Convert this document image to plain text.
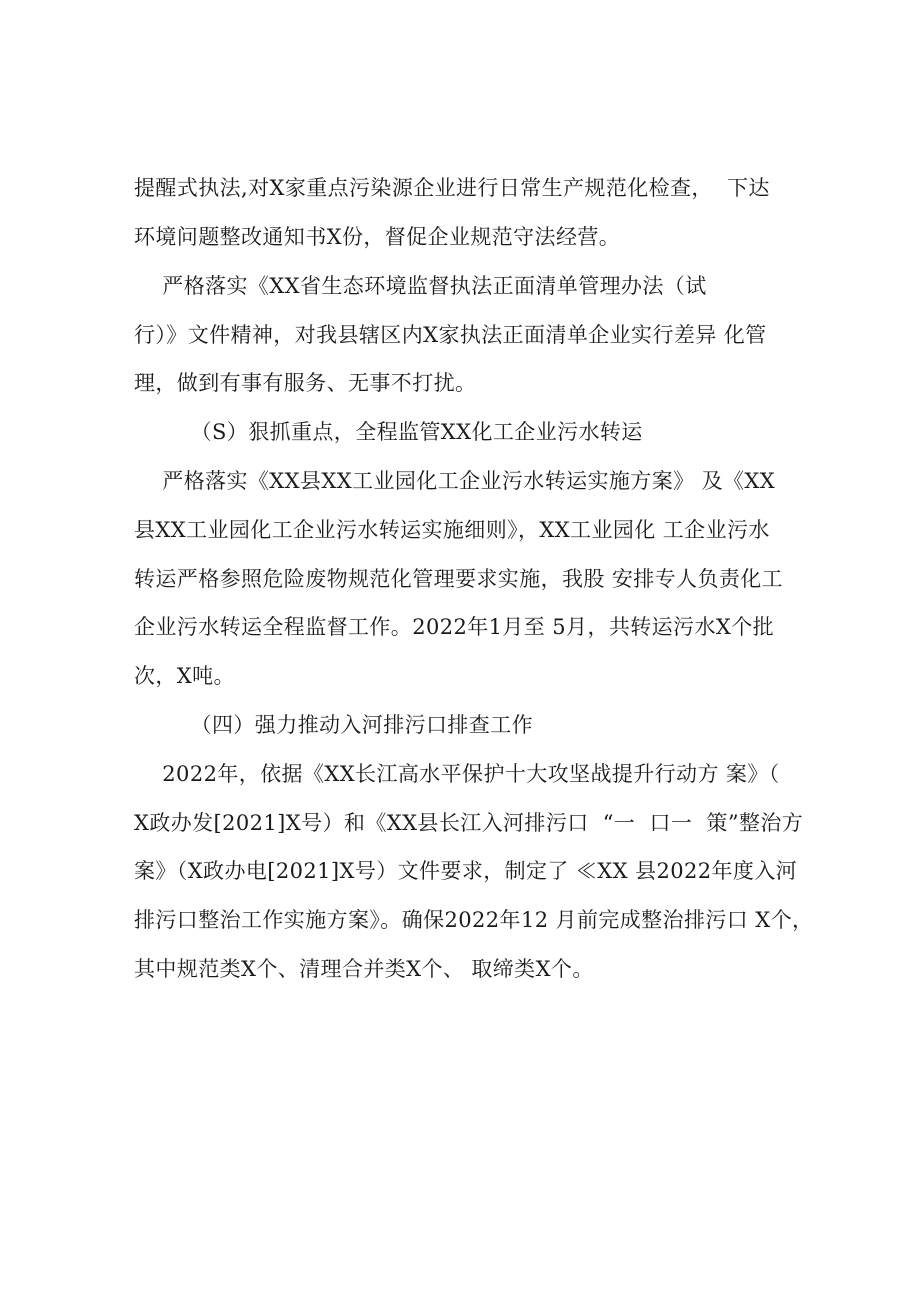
提醒式执法,对X家重点污染源企业进行日常生产规范化检查，  下达
环境问题整改通知书X份，督促企业规范守法经营。
严格落实《XX省生态环境监督执法正面清单管理办法（试
行）》文件精神，对我县辖区内X家执法正面清单企业实行差异 化管
理，做到有事有服务、无事不打扰。
（S）狠抓重点，全程监管XX化工企业污水转运
严格落实《XX县XX工业园化工企业污水转运实施方案》 及《XX
县XX工业园化工企业污水转运实施细则》，XX工业园化 工企业污水
转运严格参照危险废物规范化管理要求实施，我股 安排专人负责化工
企业污水转运全程监督工作。2022年1月至 5月，共转运污水X个批
次，X吨。
（四）强力推动入河排污口排查工作
2022年，依据《XX长江高水平保护十大攻坚战提升行动方 案》（
X政办发[2021]X号）和《XX县长江入河排污口  “一  口一  策”整治方
案》（X政办电[2021]X号）文件要求，制定了 ≪XX 县2022年度入河
排污口整治工作实施方案》。确保2022年12 月前完成整治排污口 X个，
其中规范类X个、清理合并类X个、 取缔类X个。
